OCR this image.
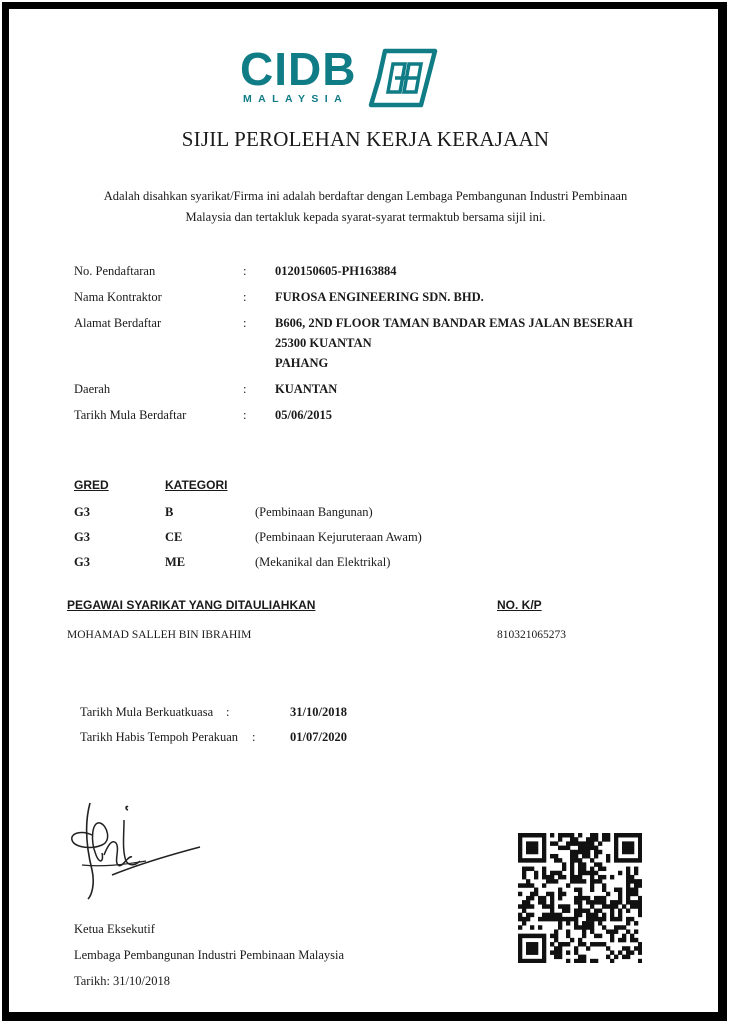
CIDB
MALAYSIA
SIJIL PEROLEHAN KERJA KERAJAAN
Adalah disahkan syarikat/Firma ini adalah berdaftar dengan Lembaga Pembangunan Industri Pembinaan
Malaysia dan tertakluk kepada syarat-syarat termaktub bersama sijil ini.
No. Pendaftaran	: 0120150605-PH163884
Nama Kontraktor	: FUROSA ENGINEERING SDN. BHD.
Alamat Berdaftar	: B606, 2ND FLOOR TAMAN BANDAR EMAS JALAN BESERAH
25300 KUANTAN
PAHANG
Daerah	: KUANTAN
Tarikh Mula Berdaftar	: 05/06/2015
GRED	KATEGORI
G3	B	(Pembinaan Bangunan)
G3	CE	(Pembinaan Kejuruteraan Awam)
G3	ME	(Mekanikal dan Elektrikal)
PEGAWAI SYARIKAT YANG DITAULIAHKAN	NO. K/P
MOHAMAD SALLEH BIN IBRAHIM	810321065273
Tarikh Mula Berkuatkuasa :	31/10/2018
Tarikh Habis Tempoh Perakuan :	01/07/2020
Ketua Eksekutif
Lembaga Pembangunan Industri Pembinaan Malaysia
Tarikh: 31/10/2018
